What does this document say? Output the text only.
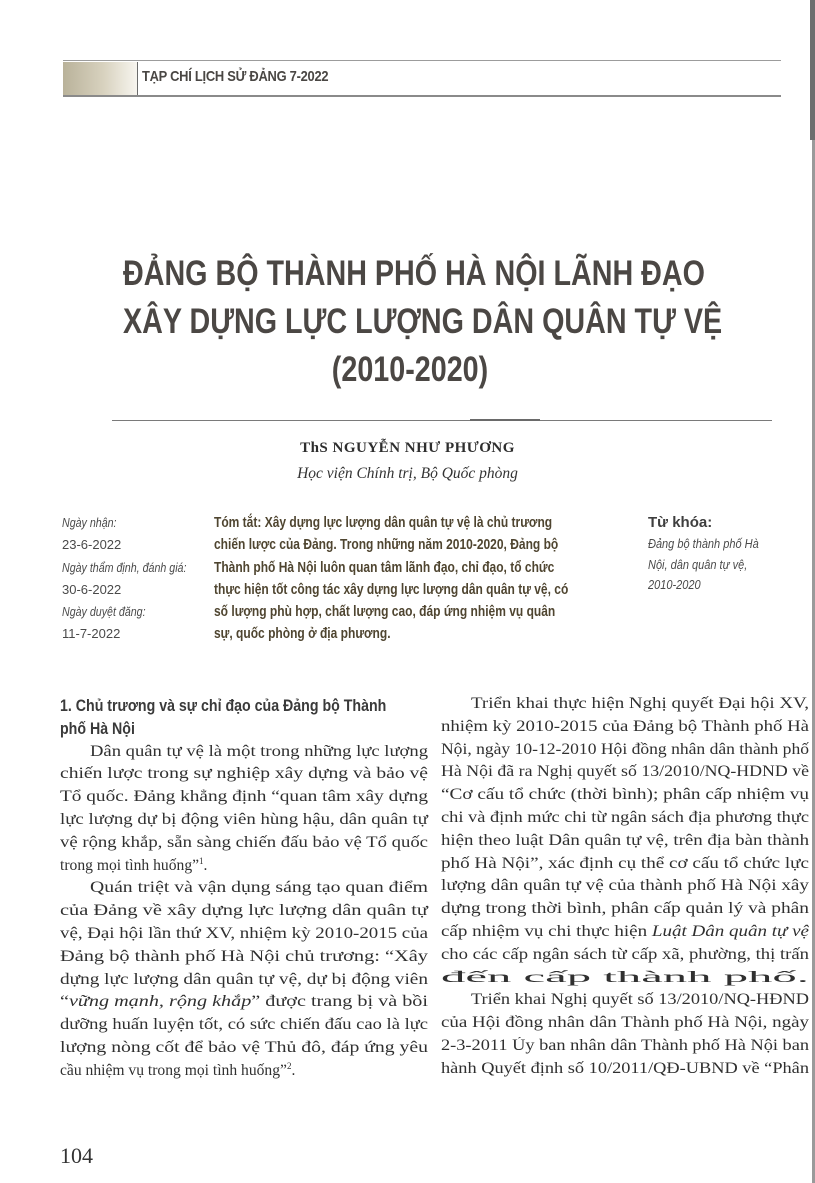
TẠP CHÍ LỊCH SỬ ĐẢNG 7-2022
ĐẢNG BỘ THÀNH PHỐ HÀ NỘI LÃNH ĐẠO
XÂY DỰNG LỰC LƯỢNG DÂN QUÂN TỰ VỆ
(2010-2020)
ThS NGUYỄN NHƯ PHƯƠNG
Học viện Chính trị, Bộ Quốc phòng
Ngày nhận:
23-6-2022
Ngày thẩm định, đánh giá:
30-6-2022
Ngày duyệt đăng:
11-7-2022
Tóm tắt: Xây dựng lực lượng dân quân tự vệ là chủ trương
chiến lược của Đảng. Trong những năm 2010-2020, Đảng bộ
Thành phố Hà Nội luôn quan tâm lãnh đạo, chỉ đạo, tổ chức
thực hiện tốt công tác xây dựng lực lượng dân quân tự vệ, có
số lượng phù hợp, chất lượng cao, đáp ứng nhiệm vụ quân
sự, quốc phòng ở địa phương.
Từ khóa:
Đảng bộ thành phố Hà
Nội, dân quân tự vệ,
2010-2020
1. Chủ trương và sự chỉ đạo của Đảng bộ Thành
phố Hà Nội
Dân quân tự vệ là một trong những lực lượng
chiến lược trong sự nghiệp xây dựng và bảo vệ
Tổ quốc. Đảng khẳng định “quan tâm xây dựng
lực lượng dự bị động viên hùng hậu, dân quân tự
vệ rộng khắp, sẵn sàng chiến đấu bảo vệ Tổ quốc
trong mọi tình huống”$^1$.
Quán triệt và vận dụng sáng tạo quan điểm
của Đảng về xây dựng lực lượng dân quân tự
vệ, Đại hội lần thứ XV, nhiệm kỳ 2010-2015 của
Đảng bộ thành phố Hà Nội chủ trương: “Xây
dựng lực lượng dân quân tự vệ, dự bị động viên
“vững mạnh, rộng khắp” được trang bị và bồi
dưỡng huấn luyện tốt, có sức chiến đấu cao là lực
lượng nòng cốt để bảo vệ Thủ đô, đáp ứng yêu
cầu nhiệm vụ trong mọi tình huống”$^2$.
Triển khai thực hiện Nghị quyết Đại hội XV,
nhiệm kỳ 2010-2015 của Đảng bộ Thành phố Hà
Nội, ngày 10-12-2010 Hội đồng nhân dân thành phố
Hà Nội đã ra Nghị quyết số 13/2010/NQ-HDND về
“Cơ cấu tổ chức (thời bình); phân cấp nhiệm vụ
chi và định mức chi từ ngân sách địa phương thực
hiện theo luật Dân quân tự vệ, trên địa bàn thành
phố Hà Nội”, xác định cụ thể cơ cấu tổ chức lực
lượng dân quân tự vệ của thành phố Hà Nội xây
dựng trong thời bình, phân cấp quản lý và phân
cấp nhiệm vụ chi thực hiện Luật Dân quân tự vệ
cho các cấp ngân sách từ cấp xã, phường, thị trấn
đến cấp thành phố.
Triển khai Nghị quyết số 13/2010/NQ-HĐND
của Hội đồng nhân dân Thành phố Hà Nội, ngày
2-3-2011 Ủy ban nhân dân Thành phố Hà Nội ban
hành Quyết định số 10/2011/QĐ-UBND về “Phân
104
